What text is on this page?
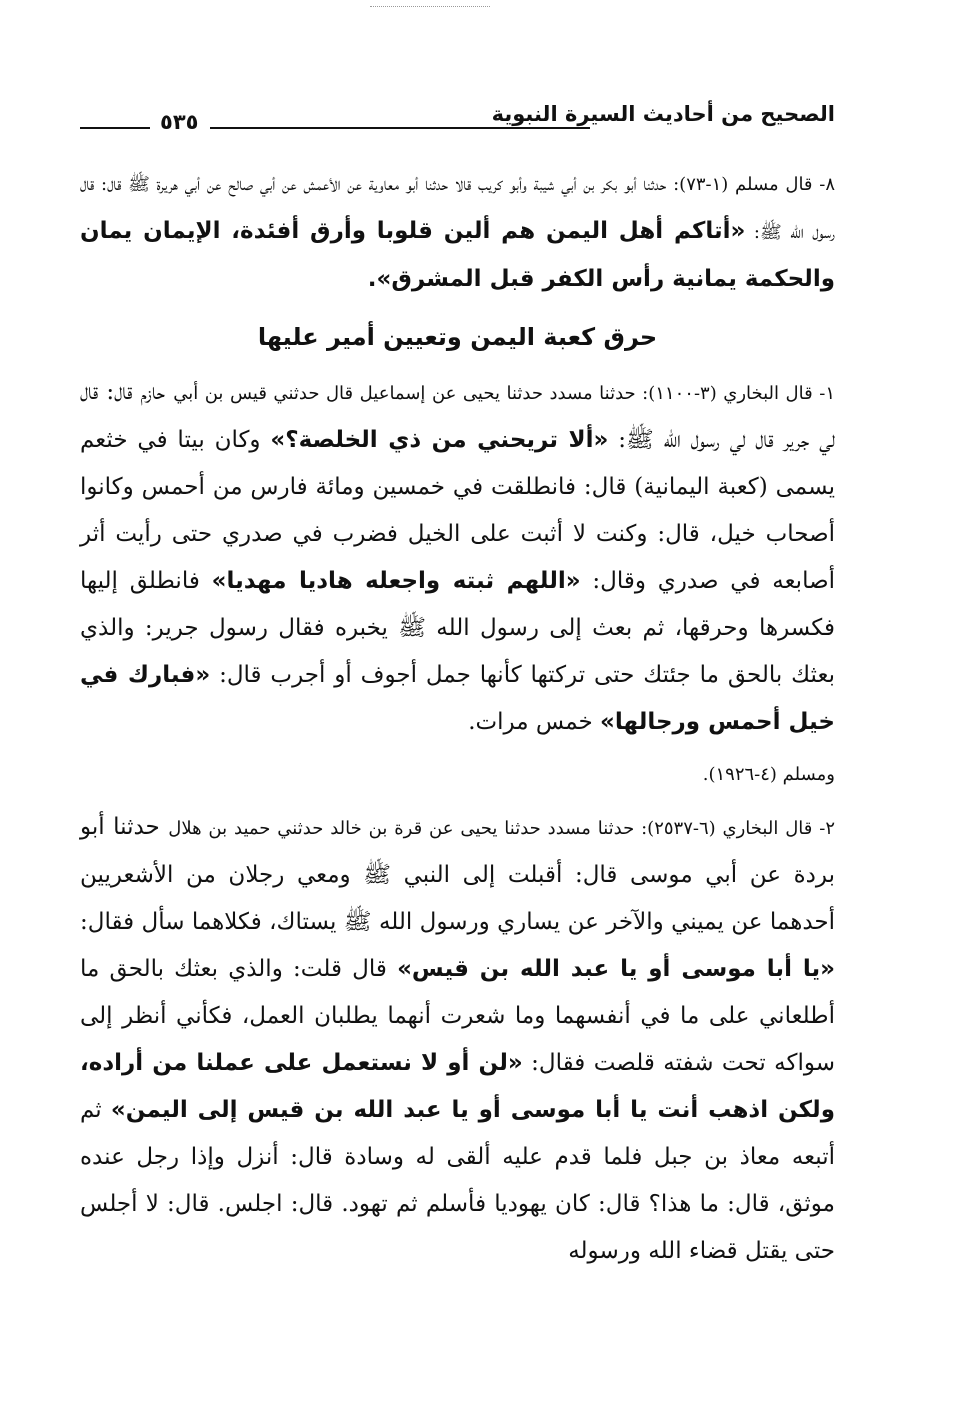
الصحيح من أحاديث السيرة النبوية
٥٣٥

٨- قال مسلم (١-٧٣): حدثنا أبو بكر بن أبي شيبة وأبو كريب قالا حدثنا أبو معاوية عن الأعمش عن أبي صالح عن أبي هريرة ﷺ قال: قال رسول الله ﷺ: «أتاكم أهل اليمن هم ألين قلوبا وأرق أفئدة، الإيمان يمان والحكمة يمانية رأس الكفر قبل المشرق».

حرق كعبة اليمن وتعيين أمير عليها

١- قال البخاري (٣-١١٠٠): حدثنا مسدد حدثنا يحيى عن إسماعيل قال حدثني قيس بن أبي حازم قال: قال لي جرير قال لي رسول الله ﷺ: «ألا تريحني من ذي الخلصة؟» وكان بيتا في خثعم يسمى (كعبة اليمانية) قال: فانطلقت في خمسين ومائة فارس من أحمس وكانوا أصحاب خيل، قال: وكنت لا أثبت على الخيل فضرب في صدري حتى رأيت أثر أصابعه في صدري وقال: «اللهم ثبته واجعله هاديا مهديا» فانطلق إليها فكسرها وحرقها، ثم بعث إلى رسول الله ﷺ يخبره فقال رسول جرير: والذي بعثك بالحق ما جئتك حتى تركتها كأنها جمل أجوف أو أجرب قال: «فبارك في خيل أحمس ورجالها» خمس مرات.

ومسلم (٤-١٩٢٦).

٢- قال البخاري (٦-٢٥٣٧): حدثنا مسدد حدثنا يحيى عن قرة بن خالد حدثني حميد بن هلال حدثنا أبو بردة عن أبي موسى قال: أقبلت إلى النبي ﷺ ومعي رجلان من الأشعريين أحدهما عن يميني والآخر عن يساري ورسول الله ﷺ يستاك، فكلاهما سأل فقال: «يا أبا موسى أو يا عبد الله بن قيس» قال قلت: والذي بعثك بالحق ما أطلعاني على ما في أنفسهما وما شعرت أنهما يطلبان العمل، فكأني أنظر إلى سواكه تحت شفته قلصت فقال: «لن أو لا نستعمل على عملنا من أراده، ولكن اذهب أنت يا أبا موسى أو يا عبد الله بن قيس إلى اليمن» ثم أتبعه معاذ بن جبل فلما قدم عليه ألقى له وسادة قال: أنزل وإذا رجل عنده موثق، قال: ما هذا؟ قال: كان يهوديا فأسلم ثم تهود. قال: اجلس. قال: لا أجلس حتى يقتل قضاء الله ورسوله
